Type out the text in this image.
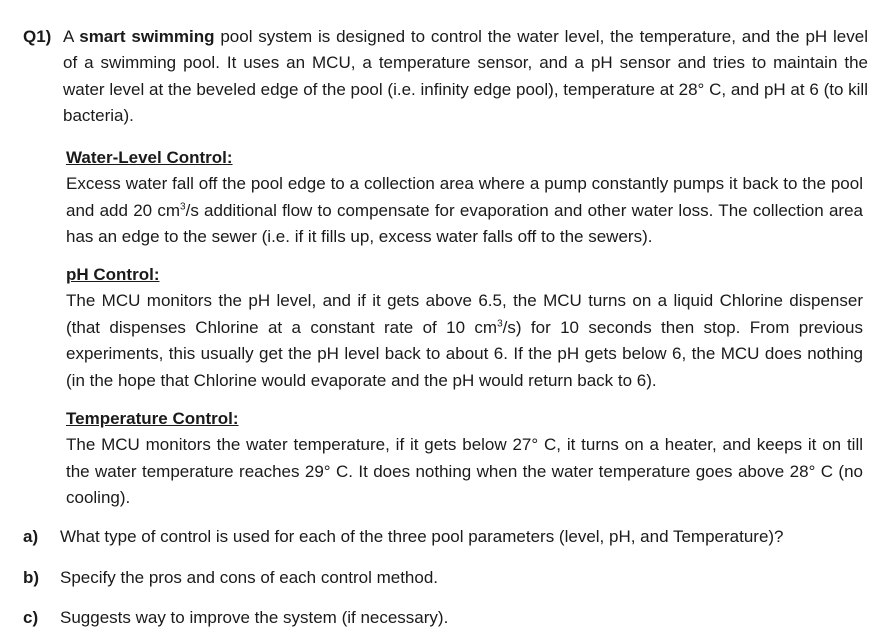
Q1) A smart swimming pool system is designed to control the water level, the temperature, and the pH level of a swimming pool. It uses an MCU, a temperature sensor, and a pH sensor and tries to maintain the water level at the beveled edge of the pool (i.e. infinity edge pool), temperature at 28° C, and pH at 6 (to kill bacteria).
Water-Level Control:
Excess water fall off the pool edge to a collection area where a pump constantly pumps it back to the pool and add 20 $cm^3/s$ additional flow to compensate for evaporation and other water loss. The collection area has an edge to the sewer (i.e. if it fills up, excess water falls off to the sewers).
pH Control:
The MCU monitors the pH level, and if it gets above 6.5, the MCU turns on a liquid Chlorine dispenser (that dispenses Chlorine at a constant rate of 10 $cm^3/s$) for 10 seconds then stop. From previous experiments, this usually get the pH level back to about 6. If the pH gets below 6, the MCU does nothing (in the hope that Chlorine would evaporate and the pH would return back to 6).
Temperature Control:
The MCU monitors the water temperature, if it gets below 27° C, it turns on a heater, and keeps it on till the water temperature reaches 29° C. It does nothing when the water temperature goes above 28° C (no cooling).
a)	What type of control is used for each of the three pool parameters (level, pH, and Temperature)?
b)	Specify the pros and cons of each control method.
c)	Suggests way to improve the system (if necessary).
